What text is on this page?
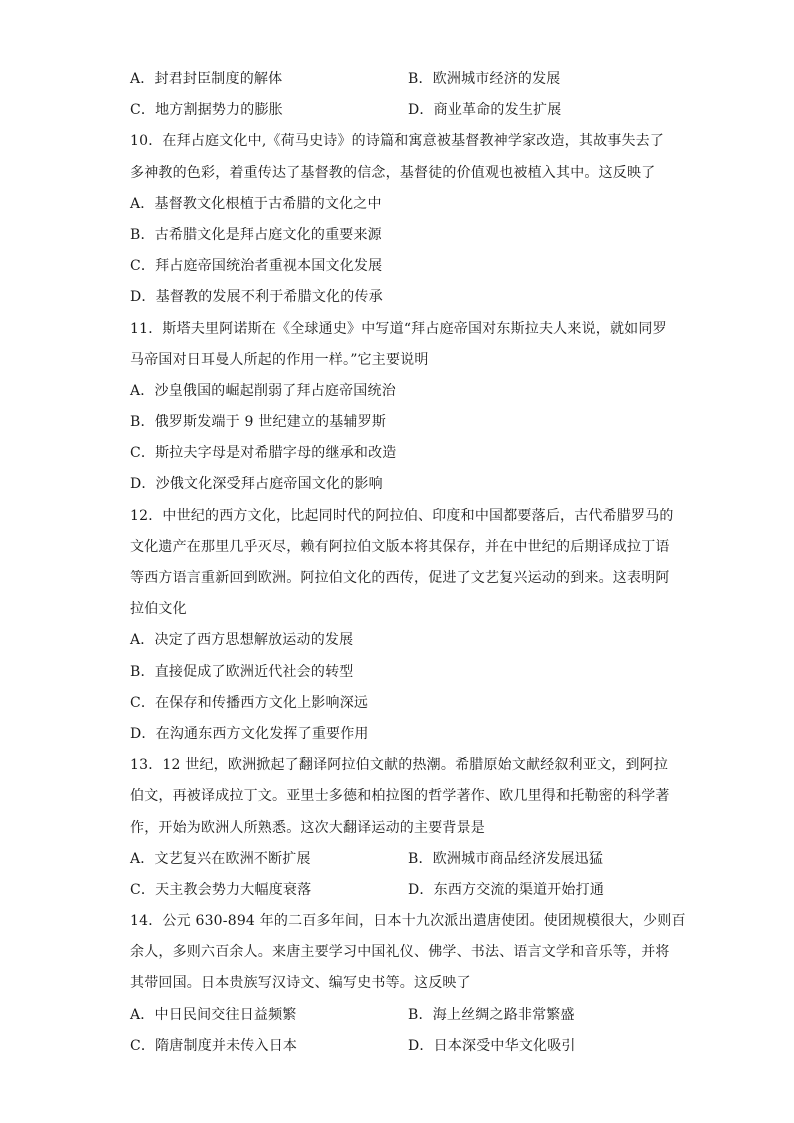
A．封君封臣制度的解体	B．欧洲城市经济的发展
C．地方割据势力的膨胀	D．商业革命的发生扩展
10．在拜占庭文化中,《荷马史诗》的诗篇和寓意被基督教神学家改造，其故事失去了
多神教的色彩，着重传达了基督教的信念，基督徒的价值观也被植入其中。这反映了
A．基督教文化根植于古希腊的文化之中
B．古希腊文化是拜占庭文化的重要来源
C．拜占庭帝国统治者重视本国文化发展
D．基督教的发展不利于希腊文化的传承
11．斯塔夫里阿诺斯在《全球通史》中写道“拜占庭帝国对东斯拉夫人来说，就如同罗
马帝国对日耳曼人所起的作用一样。”它主要说明
A．沙皇俄国的崛起削弱了拜占庭帝国统治
B．俄罗斯发端于 9 世纪建立的基辅罗斯
C．斯拉夫字母是对希腊字母的继承和改造
D．沙俄文化深受拜占庭帝国文化的影响
12．中世纪的西方文化，比起同时代的阿拉伯、印度和中国都要落后，古代希腊罗马的
文化遗产在那里几乎灭尽，赖有阿拉伯文版本将其保存，并在中世纪的后期译成拉丁语
等西方语言重新回到欧洲。阿拉伯文化的西传，促进了文艺复兴运动的到来。这表明阿
拉伯文化
A．决定了西方思想解放运动的发展
B．直接促成了欧洲近代社会的转型
C．在保存和传播西方文化上影响深远
D．在沟通东西方文化发挥了重要作用
13．12 世纪，欧洲掀起了翻译阿拉伯文献的热潮。希腊原始文献经叙利亚文，到阿拉
伯文，再被译成拉丁文。亚里士多德和柏拉图的哲学著作、欧几里得和托勒密的科学著
作，开始为欧洲人所熟悉。这次大翻译运动的主要背景是
A．文艺复兴在欧洲不断扩展	B．欧洲城市商品经济发展迅猛
C．天主教会势力大幅度衰落	D．东西方交流的渠道开始打通
14．公元 630-894 年的二百多年间，日本十九次派出遣唐使团。使团规模很大，少则百
余人，多则六百余人。来唐主要学习中国礼仪、佛学、书法、语言文学和音乐等，并将
其带回国。日本贵族写汉诗文、编写史书等。这反映了
A．中日民间交往日益频繁	B．海上丝绸之路非常繁盛
C．隋唐制度并未传入日本	D．日本深受中华文化吸引
